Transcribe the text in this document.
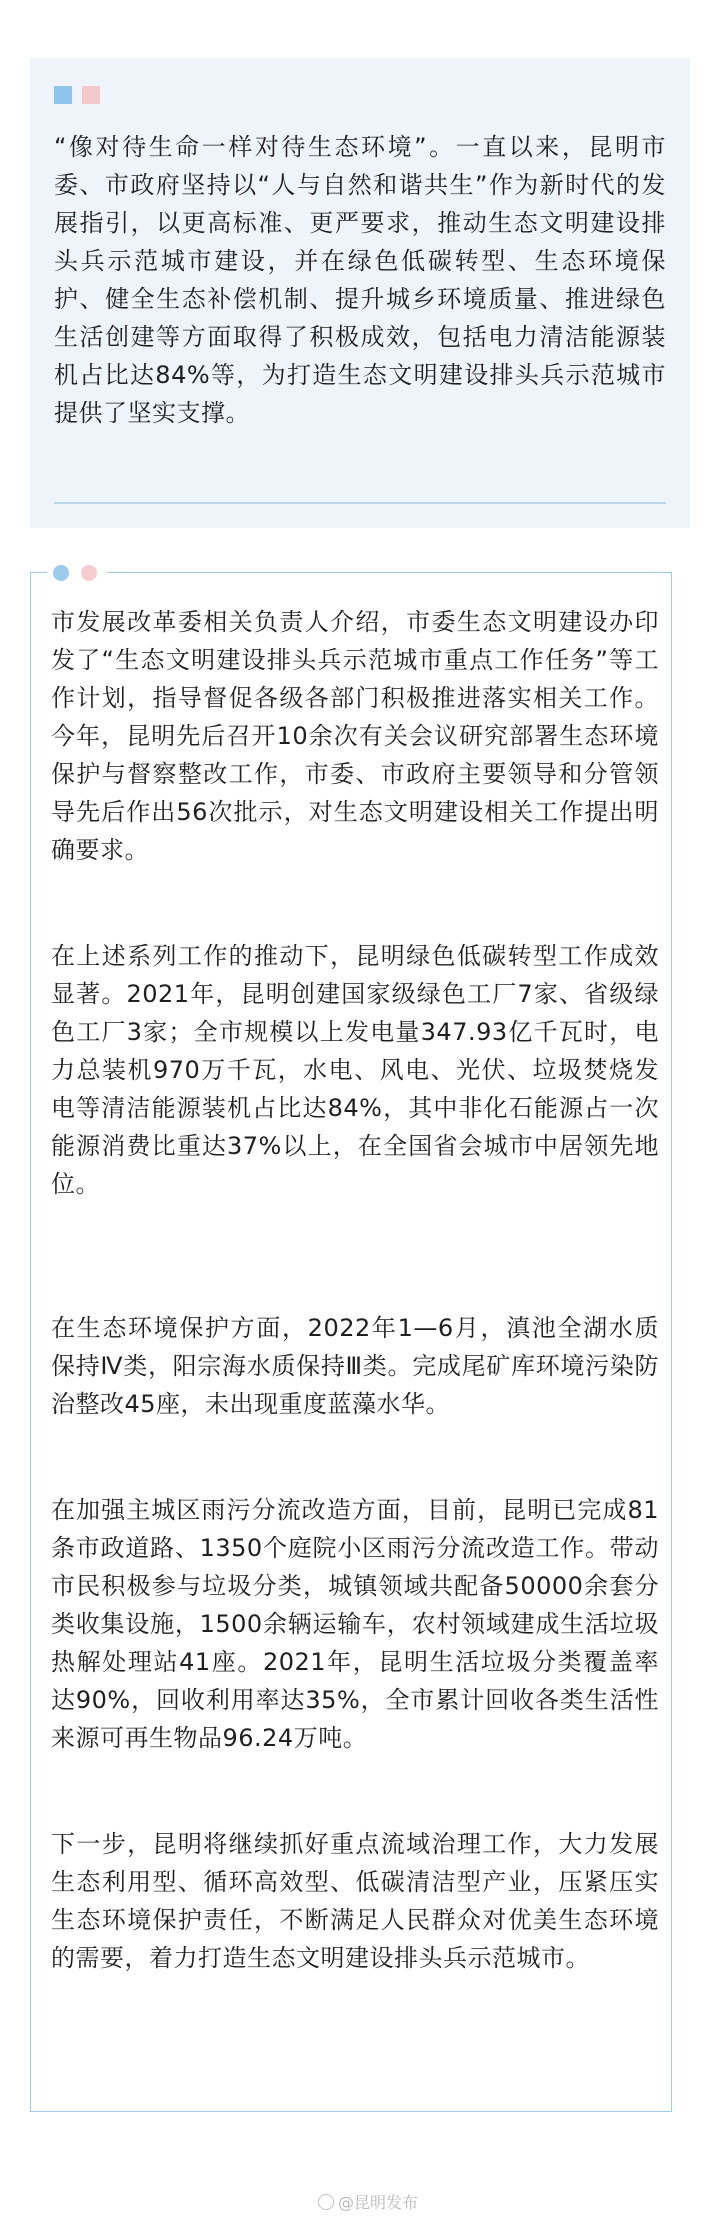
“像对待生命一样对待生态环境”。一直以来，昆明市委、市政府坚持以“人与自然和谐共生”作为新时代的发展指引，以更高标准、更严要求，推动生态文明建设排头兵示范城市建设，并在绿色低碳转型、生态环境保护、健全生态补偿机制、提升城乡环境质量、推进绿色生活创建等方面取得了积极成效，包括电力清洁能源装机占比达84%等，为打造生态文明建设排头兵示范城市提供了坚实支撑。
市发展改革委相关负责人介绍，市委生态文明建设办印发了“生态文明建设排头兵示范城市重点工作任务”等工作计划，指导督促各级各部门积极推进落实相关工作。今年，昆明先后召开10余次有关会议研究部署生态环境保护与督察整改工作，市委、市政府主要领导和分管领导先后作出56次批示，对生态文明建设相关工作提出明确要求。
在上述系列工作的推动下，昆明绿色低碳转型工作成效显著。2021年，昆明创建国家级绿色工厂7家、省级绿色工厂3家；全市规模以上发电量347.93亿千瓦时，电力总装机970万千瓦，水电、风电、光伏、垃圾焚烧发电等清洁能源装机占比达84%，其中非化石能源占一次能源消费比重达37%以上，在全国省会城市中居领先地位。
在生态环境保护方面，2022年1—6月，滇池全湖水质保持Ⅳ类，阳宗海水质保持Ⅲ类。完成尾矿库环境污染防治整改45座，未出现重度蓝藻水华。
在加强主城区雨污分流改造方面，目前，昆明已完成81条市政道路、1350个庭院小区雨污分流改造工作。带动市民积极参与垃圾分类，城镇领域共配备50000余套分类收集设施，1500余辆运输车，农村领域建成生活垃圾热解处理站41座。2021年，昆明生活垃圾分类覆盖率达90%，回收利用率达35%，全市累计回收各类生活性来源可再生物品96.24万吨。
下一步，昆明将继续抓好重点流域治理工作，大力发展生态利用型、循环高效型、低碳清洁型产业，压紧压实生态环境保护责任，不断满足人民群众对优美生态环境的需要，着力打造生态文明建设排头兵示范城市。
@昆明发布
